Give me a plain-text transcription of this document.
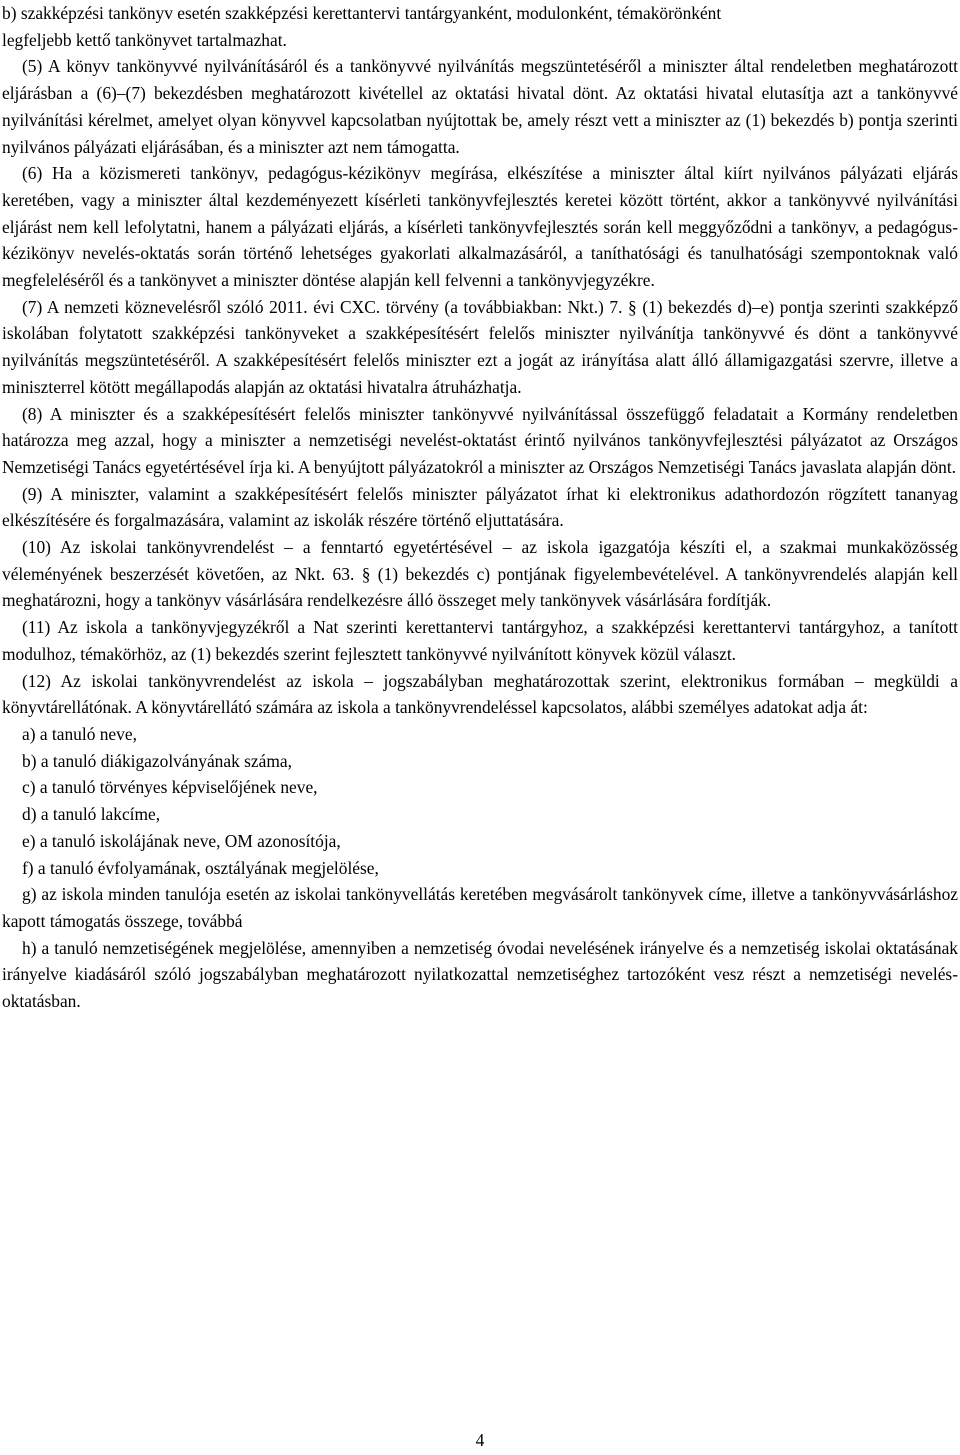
b) szakképzési tankönyv esetén szakképzési kerettantervi tantárgyanként, modulonként, témakörönként

legfeljebb kettő tankönyvet tartalmazhat.

(5) A könyv tankönyvvé nyilvánításáról és a tankönyvvé nyilvánítás megszüntetéséről a miniszter által rendeletben meghatározott eljárásban a (6)–(7) bekezdésben meghatározott kivétellel az oktatási hivatal dönt. Az oktatási hivatal elutasítja azt a tankönyvvé nyilvánítási kérelmet, amelyet olyan könyvvel kapcsolatban nyújtottak be, amely részt vett a miniszter az (1) bekezdés b) pontja szerinti nyilvános pályázati eljárásában, és a miniszter azt nem támogatta.

(6) Ha a közismereti tankönyv, pedagógus-kézikönyv megírása, elkészítése a miniszter által kiírt nyilvános pályázati eljárás keretében, vagy a miniszter által kezdeményezett kísérleti tankönyvfejlesztés keretei között történt, akkor a tankönyvvé nyilvánítási eljárást nem kell lefolytatni, hanem a pályázati eljárás, a kísérleti tankönyvfejlesztés során kell meggyőződni a tankönyv, a pedagógus-kézikönyv nevelés-oktatás során történő lehetséges gyakorlati alkalmazásáról, a taníthatósági és tanulhatósági szempontoknak való megfeleléséről és a tankönyvet a miniszter döntése alapján kell felvenni a tankönyvjegyzékre.

(7) A nemzeti köznevelésről szóló 2011. évi CXC. törvény (a továbbiakban: Nkt.) 7. § (1) bekezdés d)–e) pontja szerinti szakképző iskolában folytatott szakképzési tankönyveket a szakképesítésért felelős miniszter nyilvánítja tankönyvvé és dönt a tankönyvvé nyilvánítás megszüntetéséről. A szakképesítésért felelős miniszter ezt a jogát az irányítása alatt álló államigazgatási szervre, illetve a miniszterrel kötött megállapodás alapján az oktatási hivatalra átruházhatja.

(8) A miniszter és a szakképesítésért felelős miniszter tankönyvvé nyilvánítással összefüggő feladatait a Kormány rendeletben határozza meg azzal, hogy a miniszter a nemzetiségi nevelést-oktatást érintő nyilvános tankönyvfejlesztési pályázatot az Országos Nemzetiségi Tanács egyetértésével írja ki. A benyújtott pályázatokról a miniszter az Országos Nemzetiségi Tanács javaslata alapján dönt.

(9) A miniszter, valamint a szakképesítésért felelős miniszter pályázatot írhat ki elektronikus adathordozón rögzített tananyag elkészítésére és forgalmazására, valamint az iskolák részére történő eljuttatására.

(10) Az iskolai tankönyvrendelést – a fenntartó egyetértésével – az iskola igazgatója készíti el, a szakmai munkaközösség véleményének beszerzését követően, az Nkt. 63. § (1) bekezdés c) pontjának figyelembevételével. A tankönyvrendelés alapján kell meghatározni, hogy a tankönyv vásárlására rendelkezésre álló összeget mely tankönyvek vásárlására fordítják.

(11) Az iskola a tankönyvjegyzékről a Nat szerinti kerettantervi tantárgyhoz, a szakképzési kerettantervi tantárgyhoz, a tanított modulhoz, témakörhöz, az (1) bekezdés szerint fejlesztett tankönyvvé nyilvánított könyvek közül választ.

(12) Az iskolai tankönyvrendelést az iskola – jogszabályban meghatározottak szerint, elektronikus formában – megküldi a könyvtárellátónak. A könyvtárellátó számára az iskola a tankönyvrendeléssel kapcsolatos, alábbi személyes adatokat adja át:

a) a tanuló neve,

b) a tanuló diákigazolványának száma,

c) a tanuló törvényes képviselőjének neve,

d) a tanuló lakcíme,

e) a tanuló iskolájának neve, OM azonosítója,

f) a tanuló évfolyamának, osztályának megjelölése,

g) az iskola minden tanulója esetén az iskolai tankönyvellátás keretében megvásárolt tankönyvek címe, illetve a tankönyvvásárláshoz kapott támogatás összege, továbbá

h) a tanuló nemzetiségének megjelölése, amennyiben a nemzetiség óvodai nevelésének irányelve és a nemzetiség iskolai oktatásának irányelve kiadásáról szóló jogszabályban meghatározott nyilatkozattal nemzetiséghez tartozóként vesz részt a nemzetiségi nevelés-oktatásban.

4
